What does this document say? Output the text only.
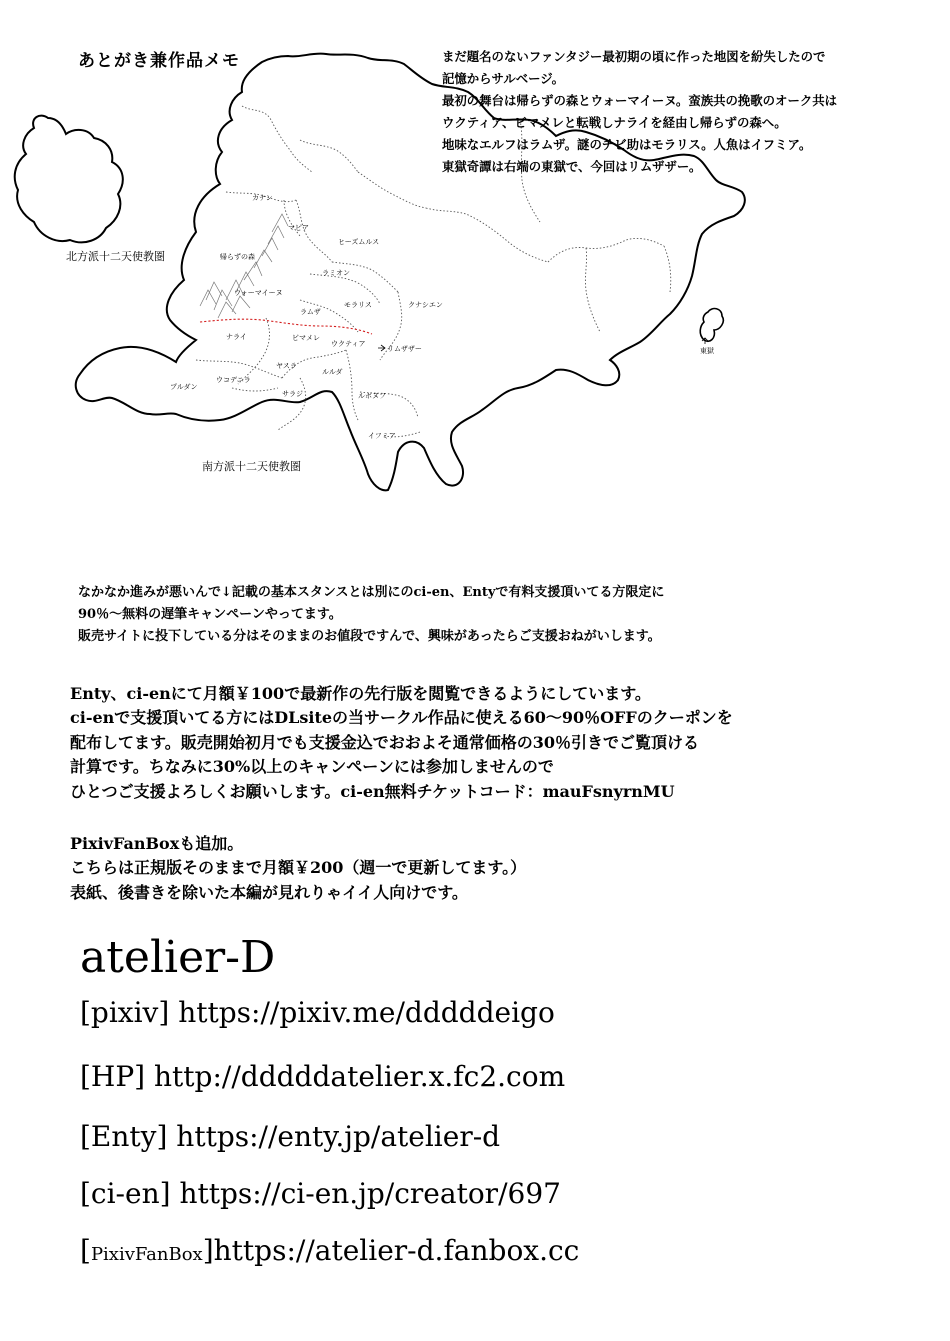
カナン
マピア
ヒーズムルス
帰らずの森
ラミオン
ウォーマイーヌ
モラリス	クナシエン
ラムザ
ナライ	ビマメレ
ウクティア
リムザザー
ヤスラ
ルルダ
ウコデニラ
プルダン
サラジ	ルボヌフ
イフミア
東獄
北方派十二天使教圏
南方派十二天使教圏
あとがき兼作品メモ	まだ題名のないファンタジー最初期の頃に作った地図を紛失したので
記憶からサルベージ。
最初の舞台は帰らずの森とウォーマイーヌ。蛮族共の挽歌のオーク共は
ウクティア、ビマメレと転戦しナライを経由し帰らずの森へ。
地味なエルフはラムザ。謎のチビ助はモラリス。人魚はイフミア。
東獄奇譚は右端の東獄で、今回はリムザザー。
なかなか進みが悪いんで↓記載の基本スタンスとは別にのci-en、Entyで有料支援頂いてる方限定に
90％～無料の遅筆キャンペーンやってます。
販売サイトに投下している分はそのままのお値段ですんで、興味があったらご支援おねがいします。
Enty、ci-enにて月額￥100で最新作の先行版を閲覧できるようにしています。
ci-enで支援頂いてる方にはDLsiteの当サークル作品に使える60～90％OFFのクーポンを
配布してます。販売開始初月でも支援金込でおおよそ通常価格の30％引きでご覧頂ける
計算です。ちなみに30%以上のキャンペーンには参加しませんので
ひとつご支援よろしくお願いします。ci-en無料チケットコード：mauFsnyrnMU
PixivFanBoxも追加。
こちらは正規版そのままで月額￥200（週一で更新してます。）
表紙、後書きを除いた本編が見れりゃイイ人向けです。
atelier-D
[pixiv] https://pixiv.me/dddddeigo
[HP] http://dddddatelier.x.fc2.com
[Enty] https://enty.jp/atelier-d
[ci-en] https://ci-en.jp/creator/697
[PixivFanBox]https://atelier-d.fanbox.cc
